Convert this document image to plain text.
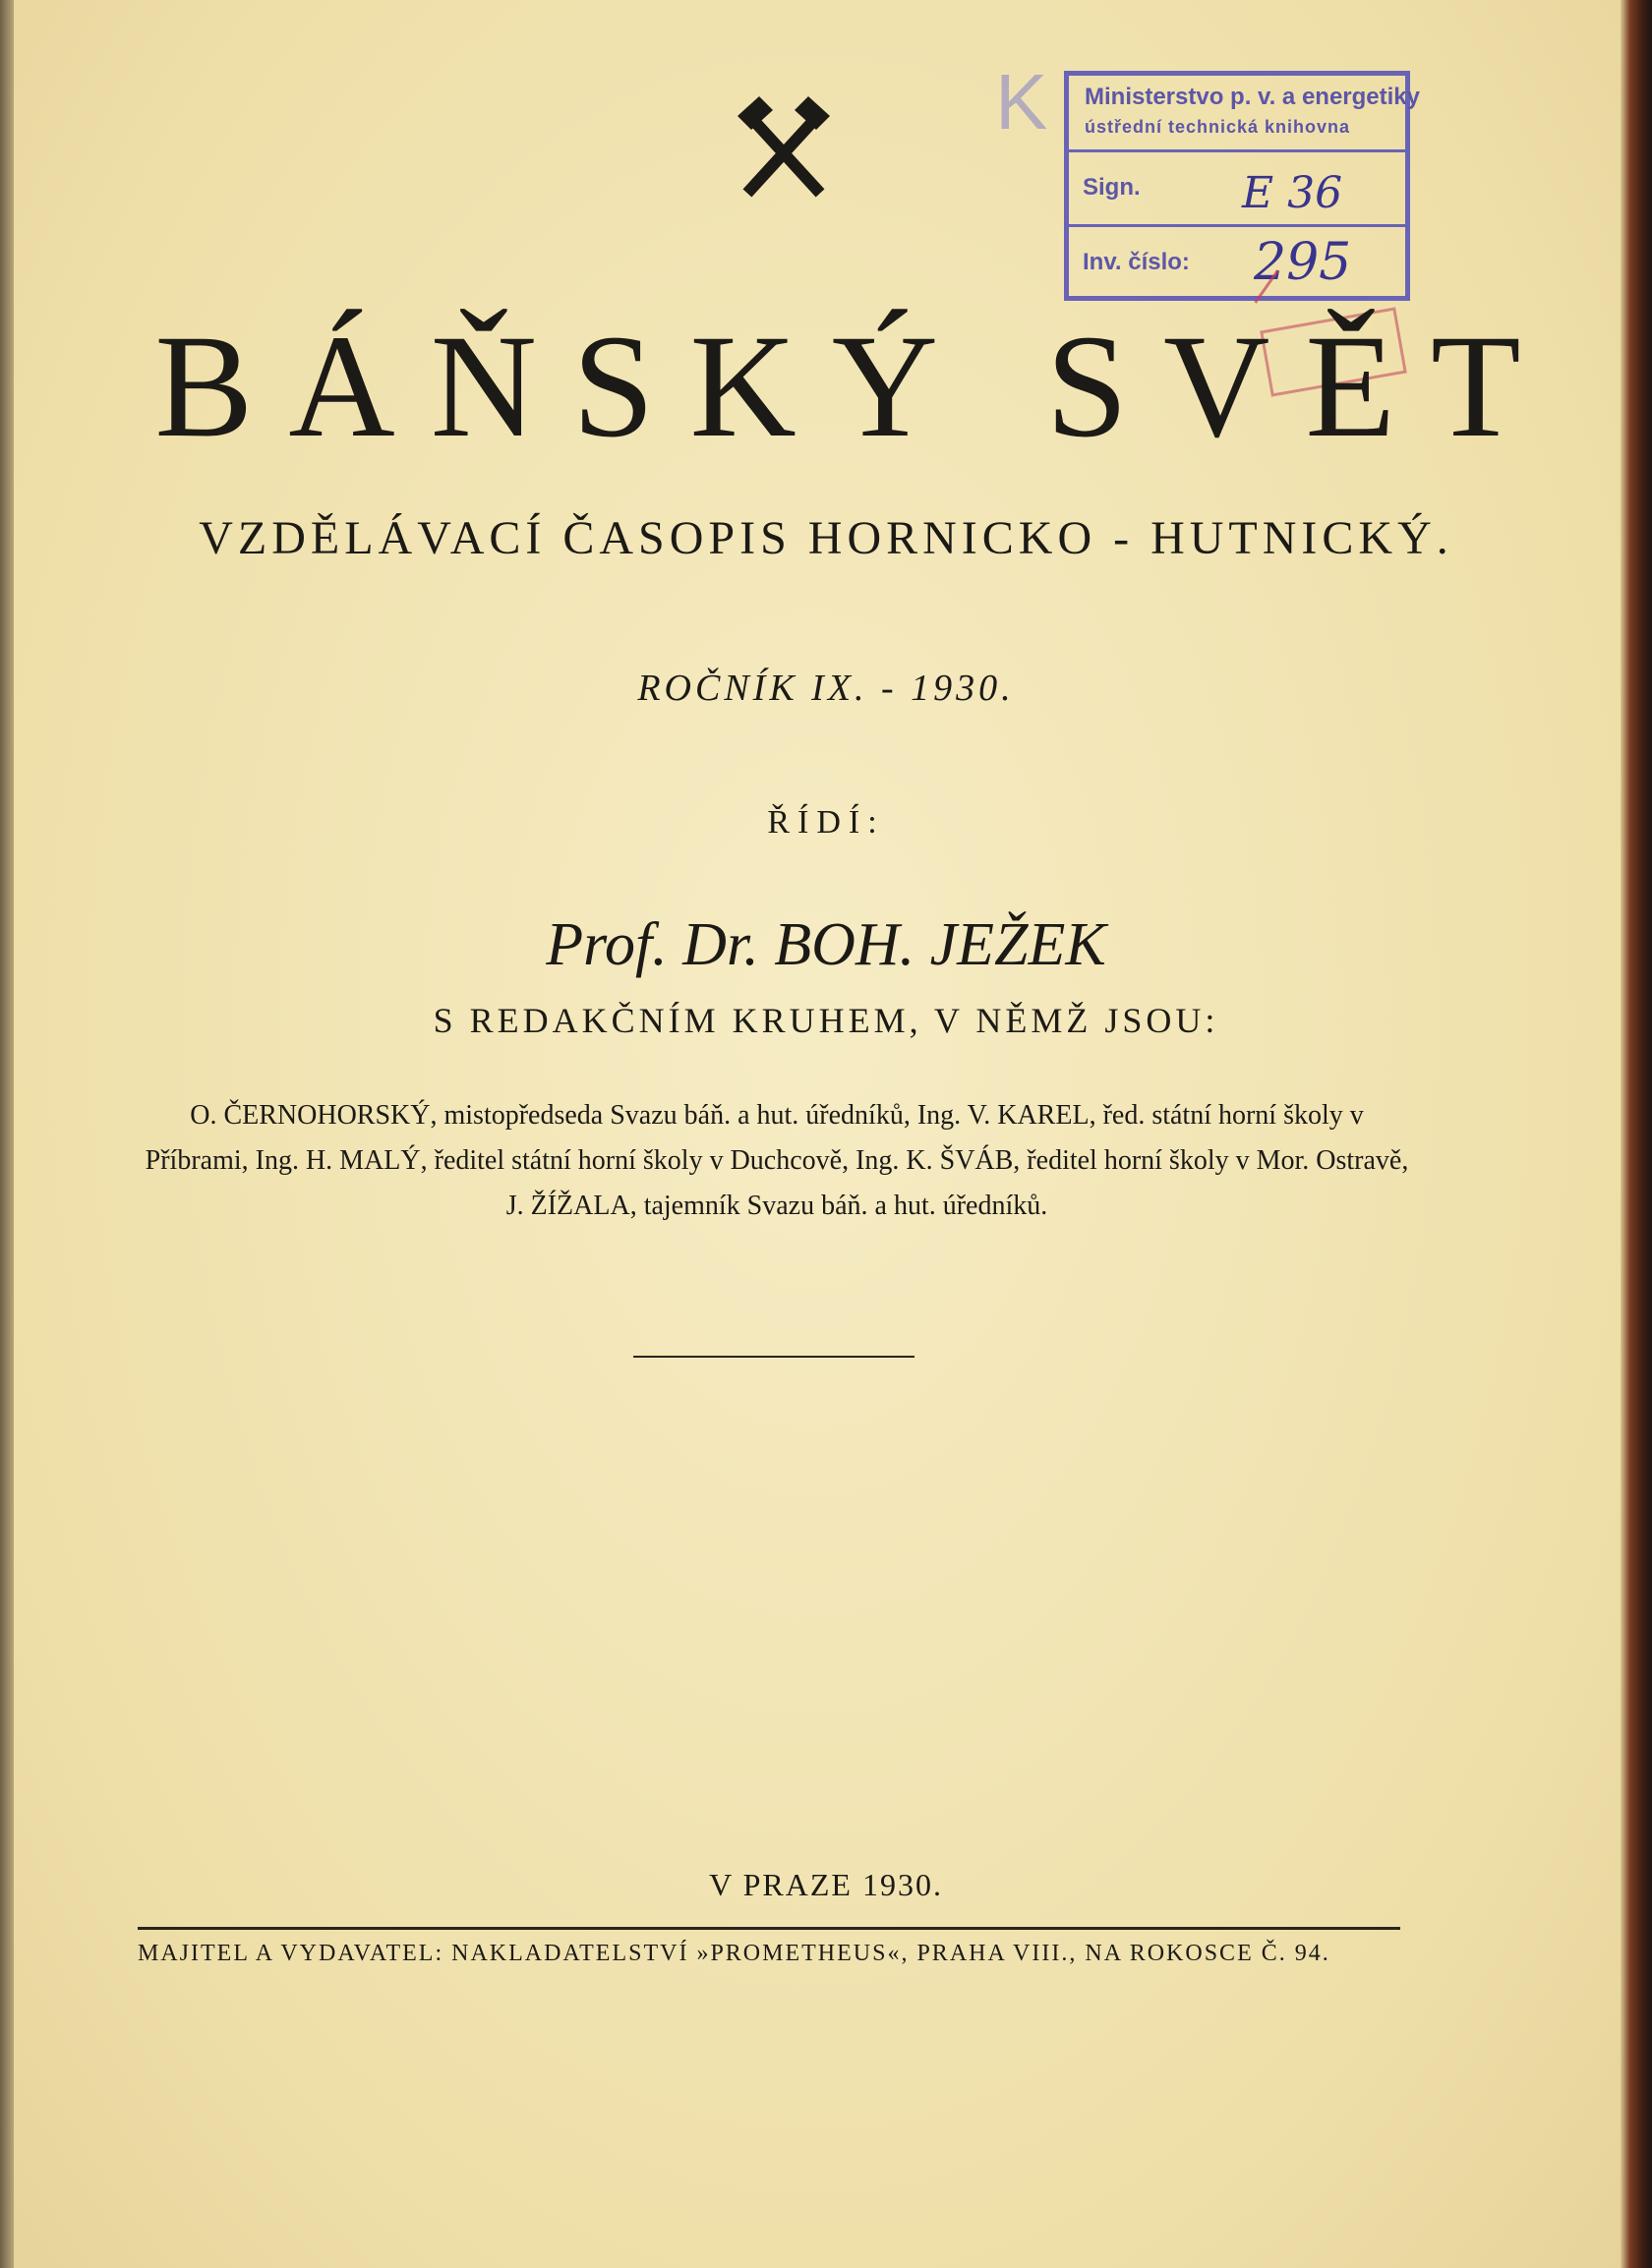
K Ministerstvo p. v. a energetiky
ústřední technická knihovna
Sign. E 36
Inv. číslo: 295
BÁŇSKÝ SVĚT
VZDĚLÁVACÍ ČASOPIS HORNICKO - HUTNICKÝ.
ROČNÍK IX. - 1930.
ŘÍDÍ:
Prof. Dr. BOH. JEŽEK
S REDAKČNÍM KRUHEM, V NĚMŽ JSOU:
O. ČERNOHORSKÝ, mistopředseda Svazu báň. a hut. úředníků, Ing. V. KAREL, řed. státní horní školy v Příbrami, Ing. H. MALÝ, ředitel státní horní školy v Duchcově, Ing. K. ŠVÁB, ředitel horní školy v Mor. Ostravě, J. ŽÍŽALA, tajemník Svazu báň. a hut. úředníků.
V PRAZE 1930.
MAJITEL A VYDAVATEL: NAKLADATELSTVÍ »PROMETHEUS«, PRAHA VIII., NA ROKOSCE Č. 94.
